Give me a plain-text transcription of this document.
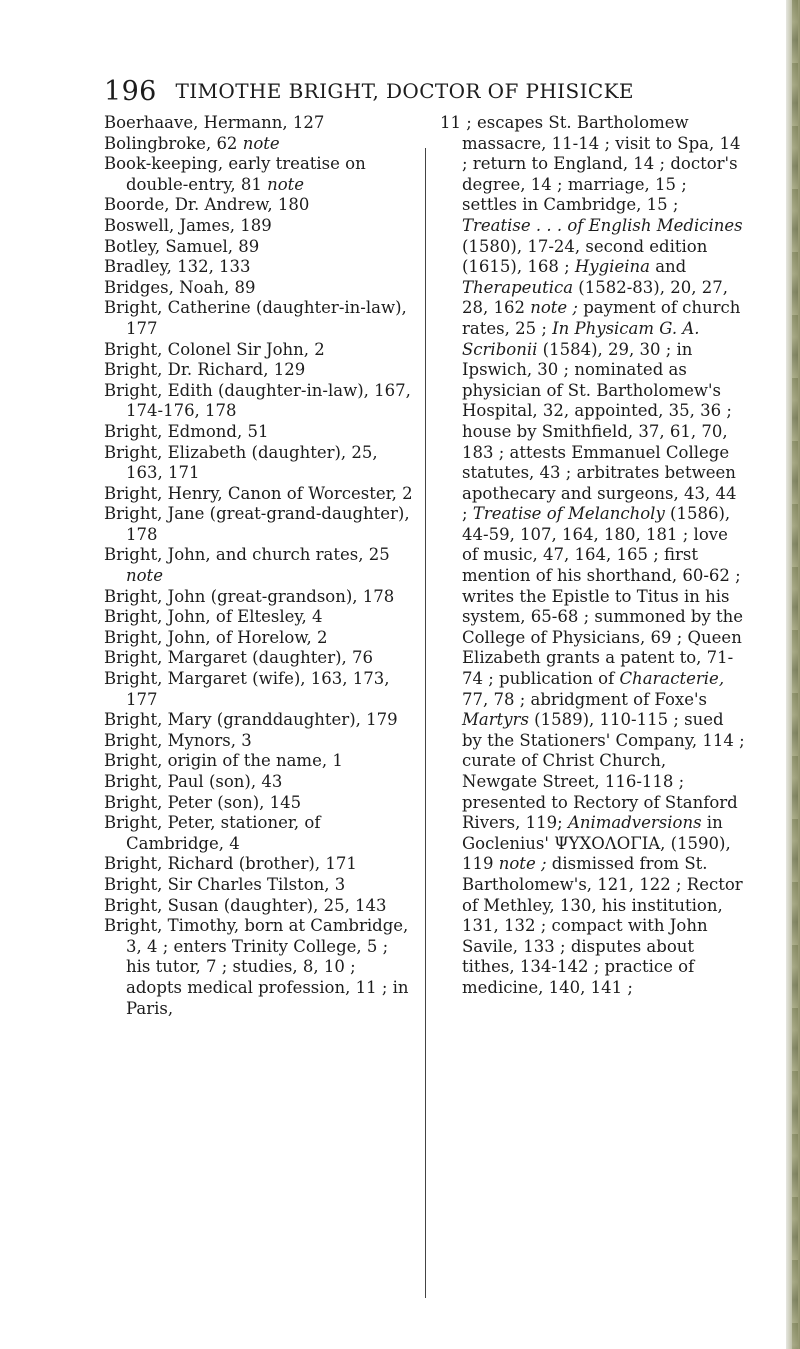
196 TIMOTHE BRIGHT, DOCTOR OF PHISICKE
Boerhaave, Hermann, 127
Bolingbroke, 62 note
Book-keeping, early treatise on double-entry, 81 note
Boorde, Dr. Andrew, 180
Boswell, James, 189
Botley, Samuel, 89
Bradley, 132, 133
Bridges, Noah, 89
Bright, Catherine (daughter-in-law), 177
Bright, Colonel Sir John, 2
Bright, Dr. Richard, 129
Bright, Edith (daughter-in-law), 167, 174-176, 178
Bright, Edmond, 51
Bright, Elizabeth (daughter), 25, 163, 171
Bright, Henry, Canon of Worcester, 2
Bright, Jane (great-grand-daughter), 178
Bright, John, and church rates, 25 note
Bright, John (great-grandson), 178
Bright, John, of Eltesley, 4
Bright, John, of Horelow, 2
Bright, Margaret (daughter), 76
Bright, Margaret (wife), 163, 173, 177
Bright, Mary (granddaughter), 179
Bright, Mynors, 3
Bright, origin of the name, 1
Bright, Paul (son), 43
Bright, Peter (son), 145
Bright, Peter, stationer, of Cambridge, 4
Bright, Richard (brother), 171
Bright, Sir Charles Tilston, 3
Bright, Susan (daughter), 25, 143
Bright, Timothy, born at Cambridge, 3, 4 ; enters Trinity College, 5 ; his tutor, 7 ; studies, 8, 10 ; adopts medical profession, 11 ; in Paris,
11 ; escapes St. Bartholomew massacre, 11-14 ; visit to Spa, 14 ; return to England, 14 ; doctor's degree, 14 ; marriage, 15 ; settles in Cambridge, 15 ; Treatise . . . of English Medicines (1580), 17-24, second edition (1615), 168 ; Hygieina and Therapeutica (1582-83), 20, 27, 28, 162 note ; payment of church rates, 25 ; In Physicam G. A. Scribonii (1584), 29, 30 ; in Ipswich, 30 ; nominated as physician of St. Bartholomew's Hospital, 32, appointed, 35, 36 ; house by Smithfield, 37, 61, 70, 183 ; attests Emmanuel College statutes, 43 ; arbitrates between apothecary and surgeons, 43, 44 ; Treatise of Melancholy (1586), 44-59, 107, 164, 180, 181 ; love of music, 47, 164, 165 ; first mention of his shorthand, 60-62 ; writes the Epistle to Titus in his system, 65-68 ; summoned by the College of Physicians, 69 ; Queen Elizabeth grants a patent to, 71-74 ; publication of Characterie, 77, 78 ; abridgment of Foxe's Martyrs (1589), 110-115 ; sued by the Stationers' Company, 114 ; curate of Christ Church, Newgate Street, 116-118 ; presented to Rectory of Stanford Rivers, 119; Animadversions in Goclenius' ΨΥΧΟΛΟΓΙΑ, (1590), 119 note ; dismissed from St. Bartholomew's, 121, 122 ; Rector of Methley, 130, his institution, 131, 132 ; compact with John Savile, 133 ; disputes about tithes, 134-142 ; practice of medicine, 140, 141 ;
